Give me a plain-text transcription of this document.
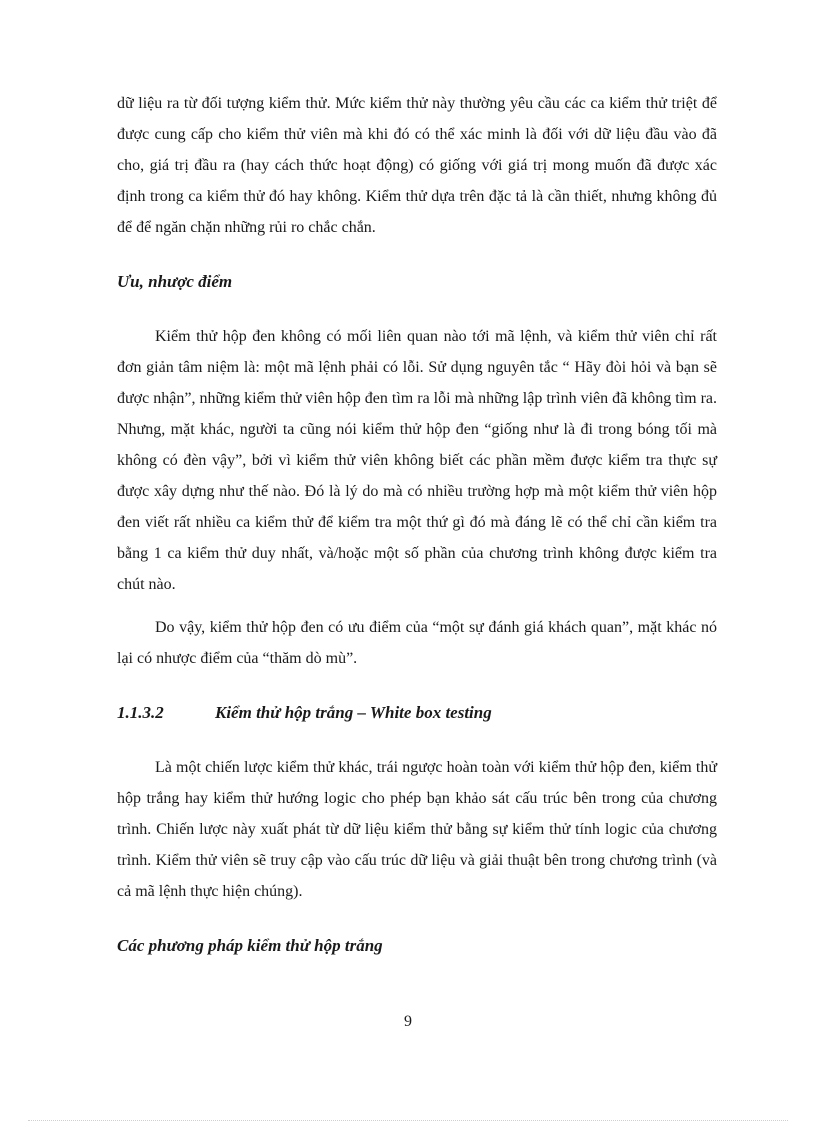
dữ liệu ra từ đối tượng kiểm thử. Mức kiểm thử này thường yêu cầu các ca kiểm thử triệt để được cung cấp cho kiểm thử viên mà khi đó có thể xác minh là đối với dữ liệu đầu vào đã cho, giá trị đầu ra (hay cách thức hoạt động) có giống với giá trị mong muốn đã được xác định trong ca kiểm thử đó hay không. Kiểm thử dựa trên đặc tả là cần thiết, nhưng không đủ để để ngăn chặn những rủi ro chắc chắn.

Ưu, nhược điểm

Kiểm thử hộp đen không có mối liên quan nào tới mã lệnh, và kiểm thử viên chỉ rất đơn giản tâm niệm là: một mã lệnh phải có lỗi. Sử dụng nguyên tắc “ Hãy đòi hỏi và bạn sẽ được nhận”, những kiểm thử viên hộp đen tìm ra lỗi mà những lập trình viên đã không tìm ra. Nhưng, mặt khác, người ta cũng nói kiểm thử hộp đen “giống như là đi trong bóng tối mà không có đèn vậy”, bởi vì kiểm thử viên không biết các phần mềm được kiểm tra thực sự được xây dựng như thế nào. Đó là lý do mà có nhiều trường hợp mà một kiểm thử viên hộp đen viết rất nhiều ca kiểm thử để kiểm tra một thứ gì đó mà đáng lẽ có thể chỉ cần kiểm tra bằng 1 ca kiểm thử duy nhất, và/hoặc một số phần của chương trình không được kiểm tra chút nào.

Do vậy, kiểm thử hộp đen có ưu điểm của “một sự đánh giá khách quan”, mặt khác nó lại có nhược điểm của “thăm dò mù”.

1.1.3.2	Kiểm thử hộp trắng – White box testing

Là một chiến lược kiểm thử khác, trái ngược hoàn toàn với kiểm thử hộp đen, kiểm thử hộp trắng hay kiểm thử hướng logic cho phép bạn khảo sát cấu trúc bên trong của chương trình. Chiến lược này xuất phát từ dữ liệu kiểm thử bằng sự kiểm thử tính logic của chương trình. Kiểm thử viên sẽ truy cập vào cấu trúc dữ liệu và giải thuật bên trong chương trình (và cả mã lệnh thực hiện chúng).

Các phương pháp kiểm thử hộp trắng

9
